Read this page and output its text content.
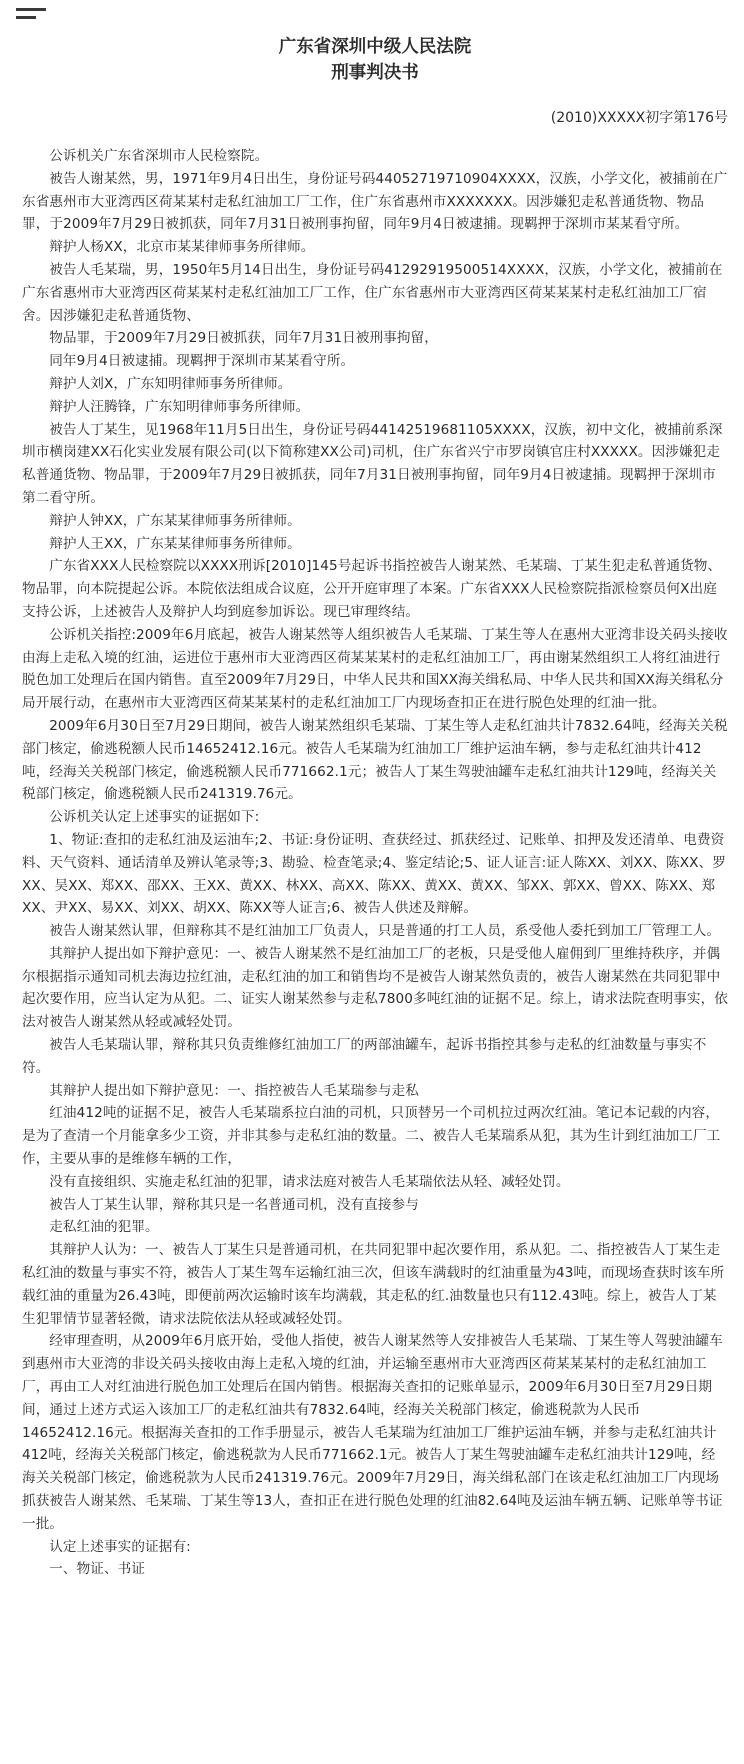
广东省深圳中级人民法院
刑事判决书
(2010)XXXXX初字第176号

公诉机关广东省深圳市人民检察院。

被告人谢某然，男，1971年9月4日出生，身份证号码44052719710904XXXX，汉族，小学文化，被捕前在广东省惠州市大亚湾西区荷某某村走私红油加工厂工作，住广东省惠州市XXXXXXX。因涉嫌犯走私普通货物、物品罪，于2009年7月29日被抓获，同年7月31日被刑事拘留，同年9月4日被逮捕。现羁押于深圳市某某看守所。

辩护人杨XX，北京市某某律师事务所律师。

被告人毛某瑞，男，1950年5月14日出生，身份证号码41292919500514XXXX，汉族，小学文化，被捕前在广东省惠州市大亚湾西区荷某某村走私红油加工厂工作，住广东省惠州市大亚湾西区荷某某某村走私红油加工厂宿舍。因涉嫌犯走私普通货物、

物品罪，于2009年7月29日被抓获，同年7月31日被刑事拘留，

同年9月4日被逮捕。现羁押于深圳市某某看守所。

辩护人刘X，广东知明律师事务所律师。

辩护人汪腾锋，广东知明律师事务所律师。

被告人丁某生，见1968年11月5日出生，身份证号码44142519681105XXXX，汉族，初中文化，被捕前系深圳市横岗建XX石化实业发展有限公司(以下简称建XX公司)司机，住广东省兴宁市罗岗镇官庄村XXXXX。因涉嫌犯走私普通货物、物品罪，于2009年7月29日被抓获，同年7月31日被刑事拘留，同年9月4日被逮捕。现羁押于深圳市第二看守所。

辩护人钟XX，广东某某律师事务所律师。

辩护人王XX，广东某某律师事务所律师。

广东省XXX人民检察院以XXXX刑诉[2010]145号起诉书指控被告人谢某然、毛某瑞、丁某生犯走私普通货物、物品罪，向本院提起公诉。本院依法组成合议庭，公开开庭审理了本案。广东省XXX人民检察院指派检察员何X出庭支持公诉，上述被告人及辩护人均到庭参加诉讼。现已审理终结。

公诉机关指控:2009年6月底起，被告人谢某然等人组织被告人毛某瑞、丁某生等人在惠州大亚湾非设关码头接收由海上走私入境的红油，运进位于惠州市大亚湾西区荷某某某村的走私红油加工厂，再由谢某然组织工人将红油进行脱色加工处理后在国内销售。直至2009年7月29日，中华人民共和国XX海关缉私局、中华人民共和国XX海关缉私分局开展行动，在惠州市大亚湾西区荷某某某村的走私红油加工厂内现场查扣正在进行脱色处理的红油一批。

2009年6月30日至7月29日期间，被告人谢某然组织毛某瑞、丁某生等人走私红油共计7832.64吨，经海关关税部门核定，偷逃税额人民币14652412.16元。被告人毛某瑞为红油加工厂维护运油车辆，参与走私红油共计412吨，经海关关税部门核定，偷逃税额人民币771662.1元；被告人丁某生驾驶油罐车走私红油共计129吨，经海关关税部门核定，偷逃税额人民币241319.76元。

公诉机关认定上述事实的证据如下:

1、物证:查扣的走私红油及运油车;2、书证:身份证明、查获经过、抓获经过、记账单、扣押及发还清单、电费资料、天气资料、通话清单及辨认笔录等;3、勘验、检查笔录;4、鉴定结论;5、证人证言:证人陈XX、刘XX、陈XX、罗XX、吴XX、郑XX、邵XX、王XX、黄XX、林XX、高XX、陈XX、黄XX、黄XX、邹XX、郭XX、曾XX、陈XX、郑XX、尹XX、易XX、刘XX、胡XX、陈XX等人证言;6、被告人供述及辩解。

被告人谢某然认罪，但辩称其不是红油加工厂负责人，只是普通的打工人员，系受他人委托到加工厂管理工人。

其辩护人提出如下辩护意见：一、被告人谢某然不是红油加工厂的老板，只是受他人雇佣到厂里维持秩序，并偶尔根据指示通知司机去海边拉红油，走私红油的加工和销售均不是被告人谢某然负责的，被告人谢某然在共同犯罪中起次要作用，应当认定为从犯。二、证实人谢某然参与走私7800多吨红油的证据不足。综上，请求法院查明事实，依法对被告人谢某然从轻或减轻处罚。

被告人毛某瑞认罪，辩称其只负责维修红油加工厂的两部油罐车，起诉书指控其参与走私的红油数量与事实不符。

其辩护人提出如下辩护意见：一、指控被告人毛某瑞参与走私

红油412吨的证据不足，被告人毛某瑞系拉白油的司机，只顶替另一个司机拉过两次红油。笔记本记载的内容，是为了查清一个月能拿多少工资，并非其参与走私红油的数量。二、被告人毛某瑞系从犯，其为生计到红油加工厂工作，主要从事的是维修车辆的工作，

没有直接组织、实施走私红油的犯罪，请求法庭对被告人毛某瑞依法从轻、减轻处罚。

被告人丁某生认罪，辩称其只是一名普通司机，没有直接参与

走私红油的犯罪。

其辩护人认为：一、被告人丁某生只是普通司机，在共同犯罪中起次要作用，系从犯。二、指控被告人丁某生走私红油的数量与事实不符，被告人丁某生驾车运输红油三次，但该车满载时的红油重量为43吨，而现场查获时该车所载红油的重量为26.43吨，即便前两次运输时该车均满载，其走私的红.油数量也只有112.43吨。综上，被告人丁某生犯罪情节显著轻微，请求法院依法从轻或减轻处罚。

经审理查明，从2009年6月底开始，受他人指使，被告人谢某然等人安排被告人毛某瑞、丁某生等人驾驶油罐车到惠州市大亚湾的非设关码头接收由海上走私入境的红油，并运输至惠州市大亚湾西区荷某某某村的走私红油加工厂，再由工人对红油进行脱色加工处理后在国内销售。根据海关查扣的记账单显示，2009年6月30日至7月29日期间，通过上述方式运入该加工厂的走私红油共有7832.64吨，经海关关税部门核定，偷逃税款为人民币14652412.16元。根据海关查扣的工作手册显示，被告人毛某瑞为红油加工厂维护运油车辆，并参与走私红油共计412吨，经海关关税部门核定，偷逃税款为人民币771662.1元。被告人丁某生驾驶油罐车走私红油共计129吨，经海关关税部门核定，偷逃税款为人民币241319.76元。2009年7月29日，海关缉私部门在该走私红油加工厂内现场抓获被告人谢某然、毛某瑞、丁某生等13人，查扣正在进行脱色处理的红油82.64吨及运油车辆五辆、记账单等书证一批。

认定上述事实的证据有:

一、物证、书证
